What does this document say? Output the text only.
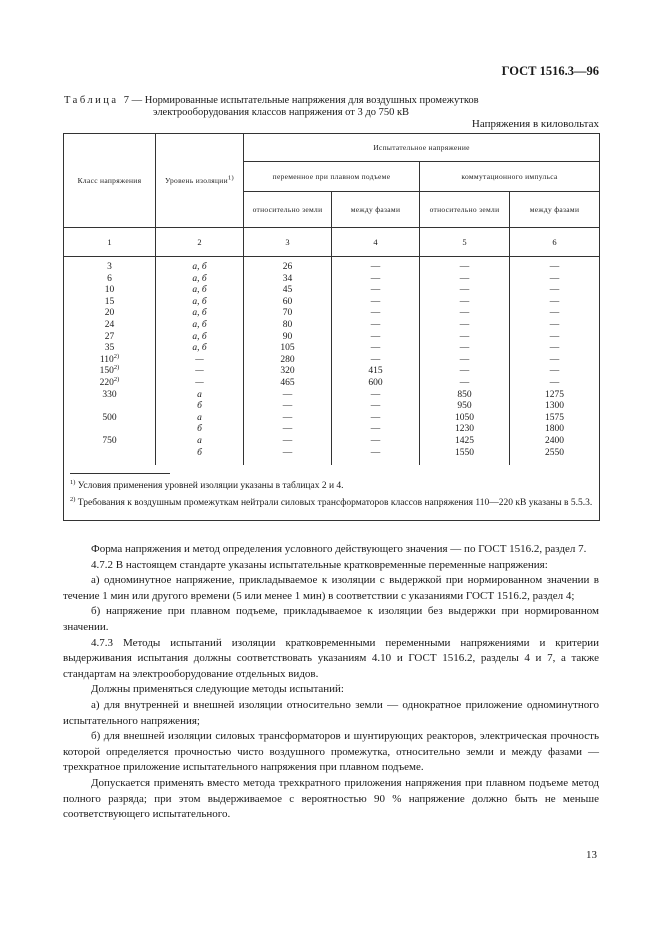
ГОСТ 1516.3—96
Таблица 7 — Нормированные испытательные напряжения для воздушных промежутков
электрооборудования классов напряжения от 3 до 750 кВ
Напряжения в киловольтах
Класс напряжения	Уровень изоляции$^{1)}$	Испытательное напряжение			
		переменное при плавном подъеме		коммутационного импульса	
		относительно земли	между фазами	относительно земли	между фазами
1	2	3	4	5	6
3	а, б	26	—	—	—
6	а, б	34	—	—	—
10	а, б	45	—	—	—
15	а, б	60	—	—	—
20	а, б	70	—	—	—
24	а, б	80	—	—	—
27	а, б	90	—	—	—
35	а, б	105	—	—	—
110$^{2)}$	—	280	—	—	—
150$^{2)}$	—	320	415	—	—
220$^{2)}$	—	465	600	—	—
330	а	—	—	850	1275
	б	—	—	950	1300
500	а	—	—	1050	1575
	б	—	—	1230	1800
750	а	—	—	1425	2400
	б	—	—	1550	2550

$^{1)}$ Условия применения уровней изоляции указаны в таблицах 2 и 4.
$^{2)}$ Требования к воздушным промежуткам нейтрали силовых трансформаторов классов напряжения 110—220 кВ указаны в 5.5.3.					

Форма напряжения и метод определения условного действующего значения — по ГОСТ 1516.2, раздел 7.

4.7.2 В настоящем стандарте указаны испытательные кратковременные переменные напряжения:

а) одноминутное напряжение, прикладываемое к изоляции с выдержкой при нормированном значении в течение 1 мин или другого времени (5 или менее 1 мин) в соответствии с указаниями ГОСТ 1516.2, раздел 4;

б) напряжение при плавном подъеме, прикладываемое к изоляции без выдержки при нормированном значении.

4.7.3 Методы испытаний изоляции кратковременными переменными напряжениями и критерии выдерживания испытания должны соответствовать указаниям 4.10 и ГОСТ 1516.2, разделы 4 и 7, а также стандартам на электрооборудование отдельных видов.

Должны применяться следующие методы испытаний:

а) для внутренней и внешней изоляции относительно земли — однократное приложение одноминутного испытательного напряжения;

б) для внешней изоляции силовых трансформаторов и шунтирующих реакторов, электрическая прочность которой определяется прочностью чисто воздушного промежутка, относительно земли и между фазами — трехкратное приложение испытательного напряжения при плавном подъеме.

Допускается применять вместо метода трехкратного приложения напряжения при плавном подъеме метод полного разряда; при этом выдерживаемое с вероятностью 90 % напряжение должно быть не меньше соответствующего испытательного.

13
